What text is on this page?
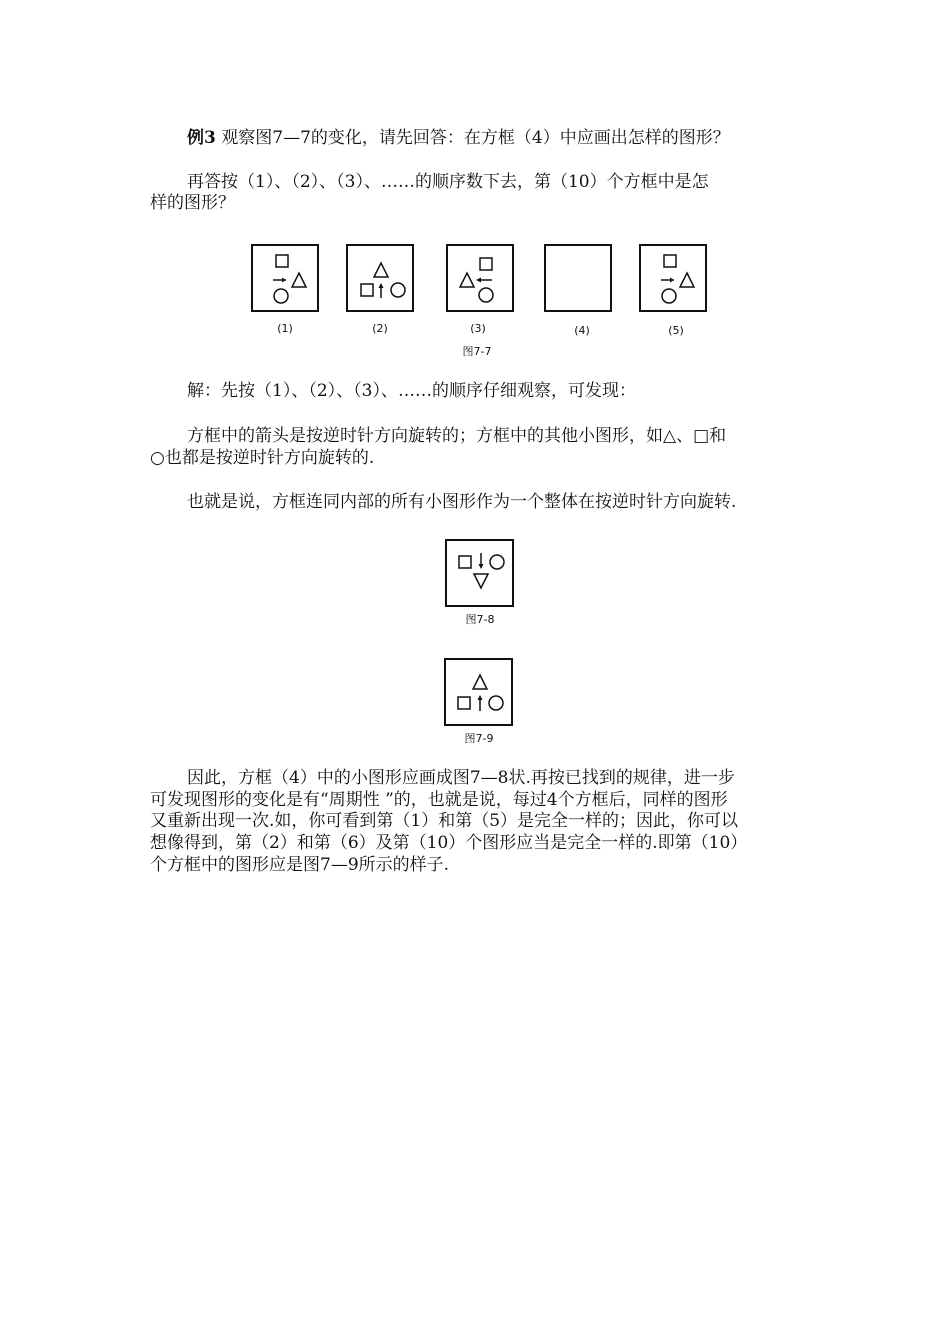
例3 观察图7—7的变化，请先回答：在方框（4）中应画出怎样的图形？
再答按（1）、（2）、（3）、……的顺序数下去，第（10）个方框中是怎
样的图形？
(1)	(2)	(3)	(4)	(5)
图7-7
解：先按（1）、（2）、（3）、……的顺序仔细观察，可发现：
方框中的箭头是按逆时针方向旋转的；方框中的其他小图形，如△、□和
○也都是按逆时针方向旋转的.
也就是说，方框连同内部的所有小图形作为一个整体在按逆时针方向旋转.
图7-8
图7-9
因此，方框（4）中的小图形应画成图7—8状.再按已找到的规律，进一步
可发现图形的变化是有“周期性 ”的，也就是说，每过4个方框后，同样的图形
又重新出现一次.如，你可看到第（1）和第（5）是完全一样的；因此，你可以
想像得到，第（2）和第（6）及第（10）个图形应当是完全一样的.即第（10）
个方框中的图形应是图7—9所示的样子.
